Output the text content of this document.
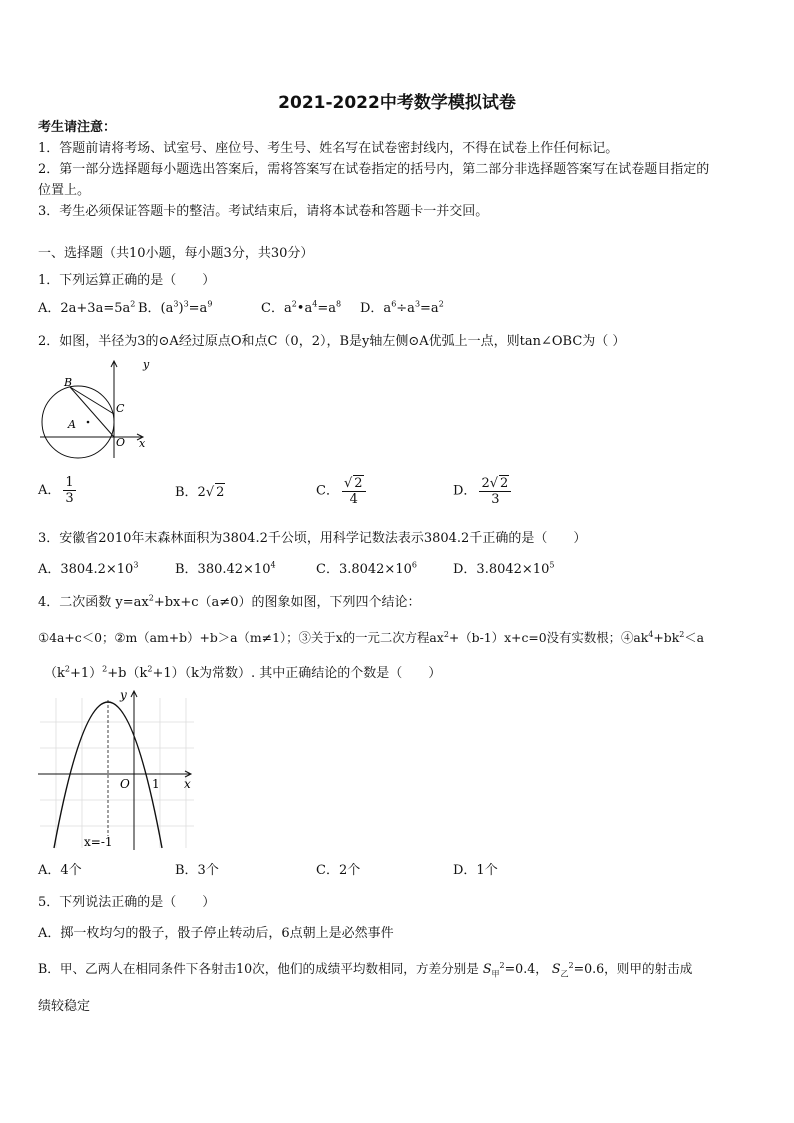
2021-2022中考数学模拟试卷
考生请注意：
1．答题前请将考场、试室号、座位号、考生号、姓名写在试卷密封线内，不得在试卷上作任何标记。
2．第一部分选择题每小题选出答案后，需将答案写在试卷指定的括号内，第二部分非选择题答案写在试卷题目指定的
位置上。
3．考生必须保证答题卡的整洁。考试结束后，请将本试卷和答题卡一并交回。
一、选择题（共10小题，每小题3分，共30分）
1．下列运算正确的是（　　）
A．$2a+3a=5a^2$ B．$(a^3)^3=a^9$	C．$a^2•a^4=a^8$ D．$a^6\div a^3=a^2$
2．如图，半径为3的⊙A经过原点O和点C（0，2），B是y轴左侧⊙A优弧上一点，则tan∠OBC为（ ）
y
B
C
A
O x
A． $\frac{1}{3}$	B．2√ 2	C． $\frac{√ 2}{4}$	D． $\frac{2√ 2}{3}$
3．安徽省2010年末森林面积为3804.2千公顷，用科学记数法表示3804.2千正确的是（　　）
A．$3804.2\times 10^3$	B．$380.42\times 10^4$	C．$3.8042\times 10^6$	D．$3.8042\times 10^5$
4．二次函数 $y=ax^2+bx+c(a\ne 0)$的图象如图，下列四个结论：
①4a+c＜0；②m（am+b）+b＞a（m≠1）；③关于x的一元二次方程$ax^2+(b-1)x+c=0$没有实数根；$④ak^4+bk^2<a$
$(k^2+1)^2+b(k^2+1)(k$为常数）. 其中正确结论的个数是（　　）
y
O 1 x
x=-1
A．4个	B．3个	C．2个	D．1个
5．下列说法正确的是（　　）
A．掷一枚均匀的骰子，骰子停止转动后，6点朝上是必然事件
B．甲、乙两人在相同条件下各射击10次，他们的成绩平均数相同，方差分别是 $S_甲^2=0.4$， $S_乙^2=0.6$，则甲的射击成
绩较稳定
